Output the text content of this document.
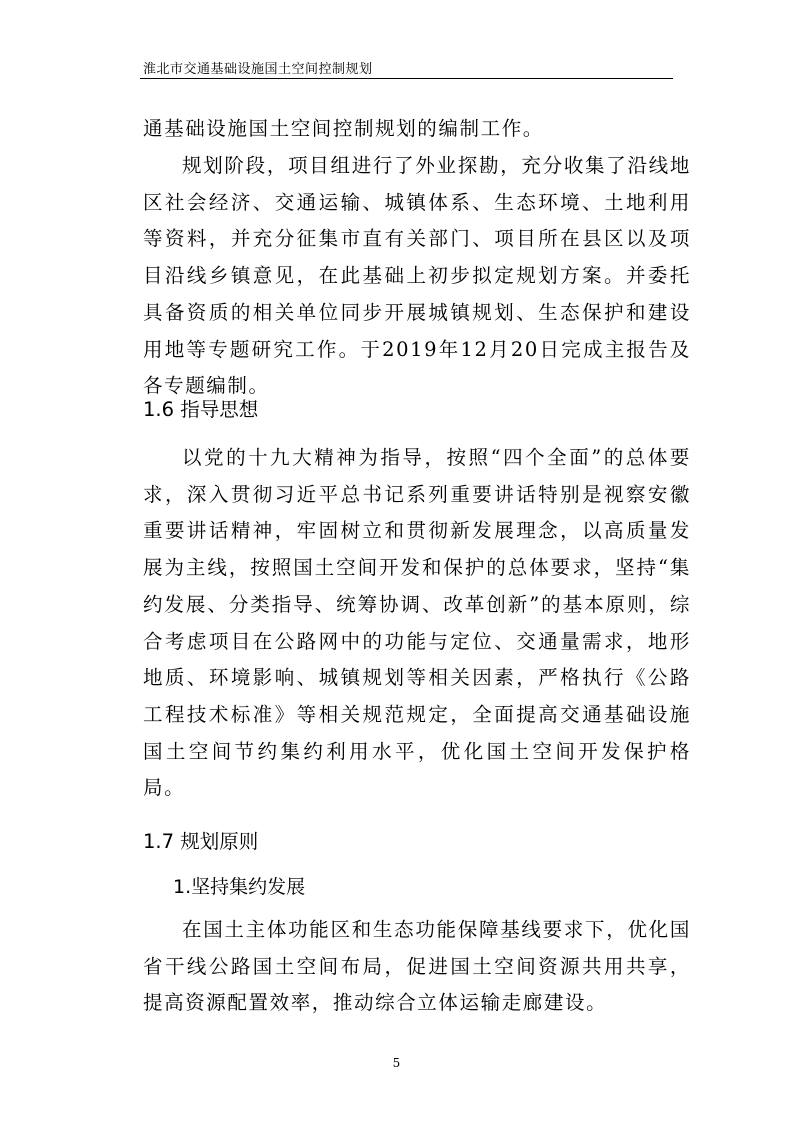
淮北市交通基础设施国土空间控制规划
通基础设施国土空间控制规划的编制工作。
规划阶段，项目组进行了外业探勘，充分收集了沿线地区社会经济、交通运输、城镇体系、生态环境、土地利用等资料，并充分征集市直有关部门、项目所在县区以及项目沿线乡镇意见，在此基础上初步拟定规划方案。并委托具备资质的相关单位同步开展城镇规划、生态保护和建设用地等专题研究工作。于2019年12月20日完成主报告及各专题编制。
1.6 指导思想
以党的十九大精神为指导，按照“四个全面”的总体要求，深入贯彻习近平总书记系列重要讲话特别是视察安徽重要讲话精神，牢固树立和贯彻新发展理念，以高质量发展为主线，按照国土空间开发和保护的总体要求，坚持“集约发展、分类指导、统筹协调、改革创新”的基本原则，综合考虑项目在公路网中的功能与定位、交通量需求，地形地质、环境影响、城镇规划等相关因素，严格执行《公路工程技术标准》等相关规范规定，全面提高交通基础设施国土空间节约集约利用水平，优化国土空间开发保护格局。
1.7 规划原则
1.坚持集约发展
在国土主体功能区和生态功能保障基线要求下，优化国省干线公路国土空间布局，促进国土空间资源共用共享，提高资源配置效率，推动综合立体运输走廊建设。
5
